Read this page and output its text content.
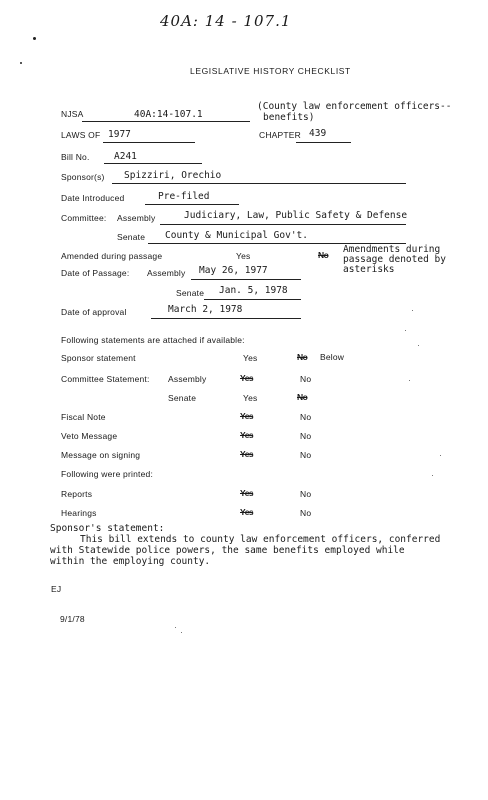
40A: 14 - 107.1
LEGISLATIVE HISTORY CHECKLIST
NJSA	40A:14-107.1
(County law enforcement officers--
benefits)
LAWS OF 1977	CHAPTER 439
Bill No.	A241
Sponsor(s) Spizziri, Orechio
Date Introduced	Pre-filed
Committee: Assembly	Judiciary, Law, Public Safety & Defense
Senate County & Municipal Gov't.
Amended during passage	Yes	No Amendments during
passage denoted by
asterisks
Date of Passage: Assembly May 26, 1977
Senate Jan. 5, 1978
Date of approval	March 2, 1978
Following statements are attached if available:
Sponsor statement	Yes	No Below
Committee Statement: Assembly	Yes	No
Senate	Yes	No
Fiscal Note	Yes	No
Veto Message	Yes	No
Message on signing	Yes	No
Following were printed:
Reports	Yes	No
Hearings	Yes	No
Sponsor's statement:
This bill extends to county law enforcement officers, conferred
with Statewide police powers, the same benefits employed while
within the employing county.
EJ
9/1/78
